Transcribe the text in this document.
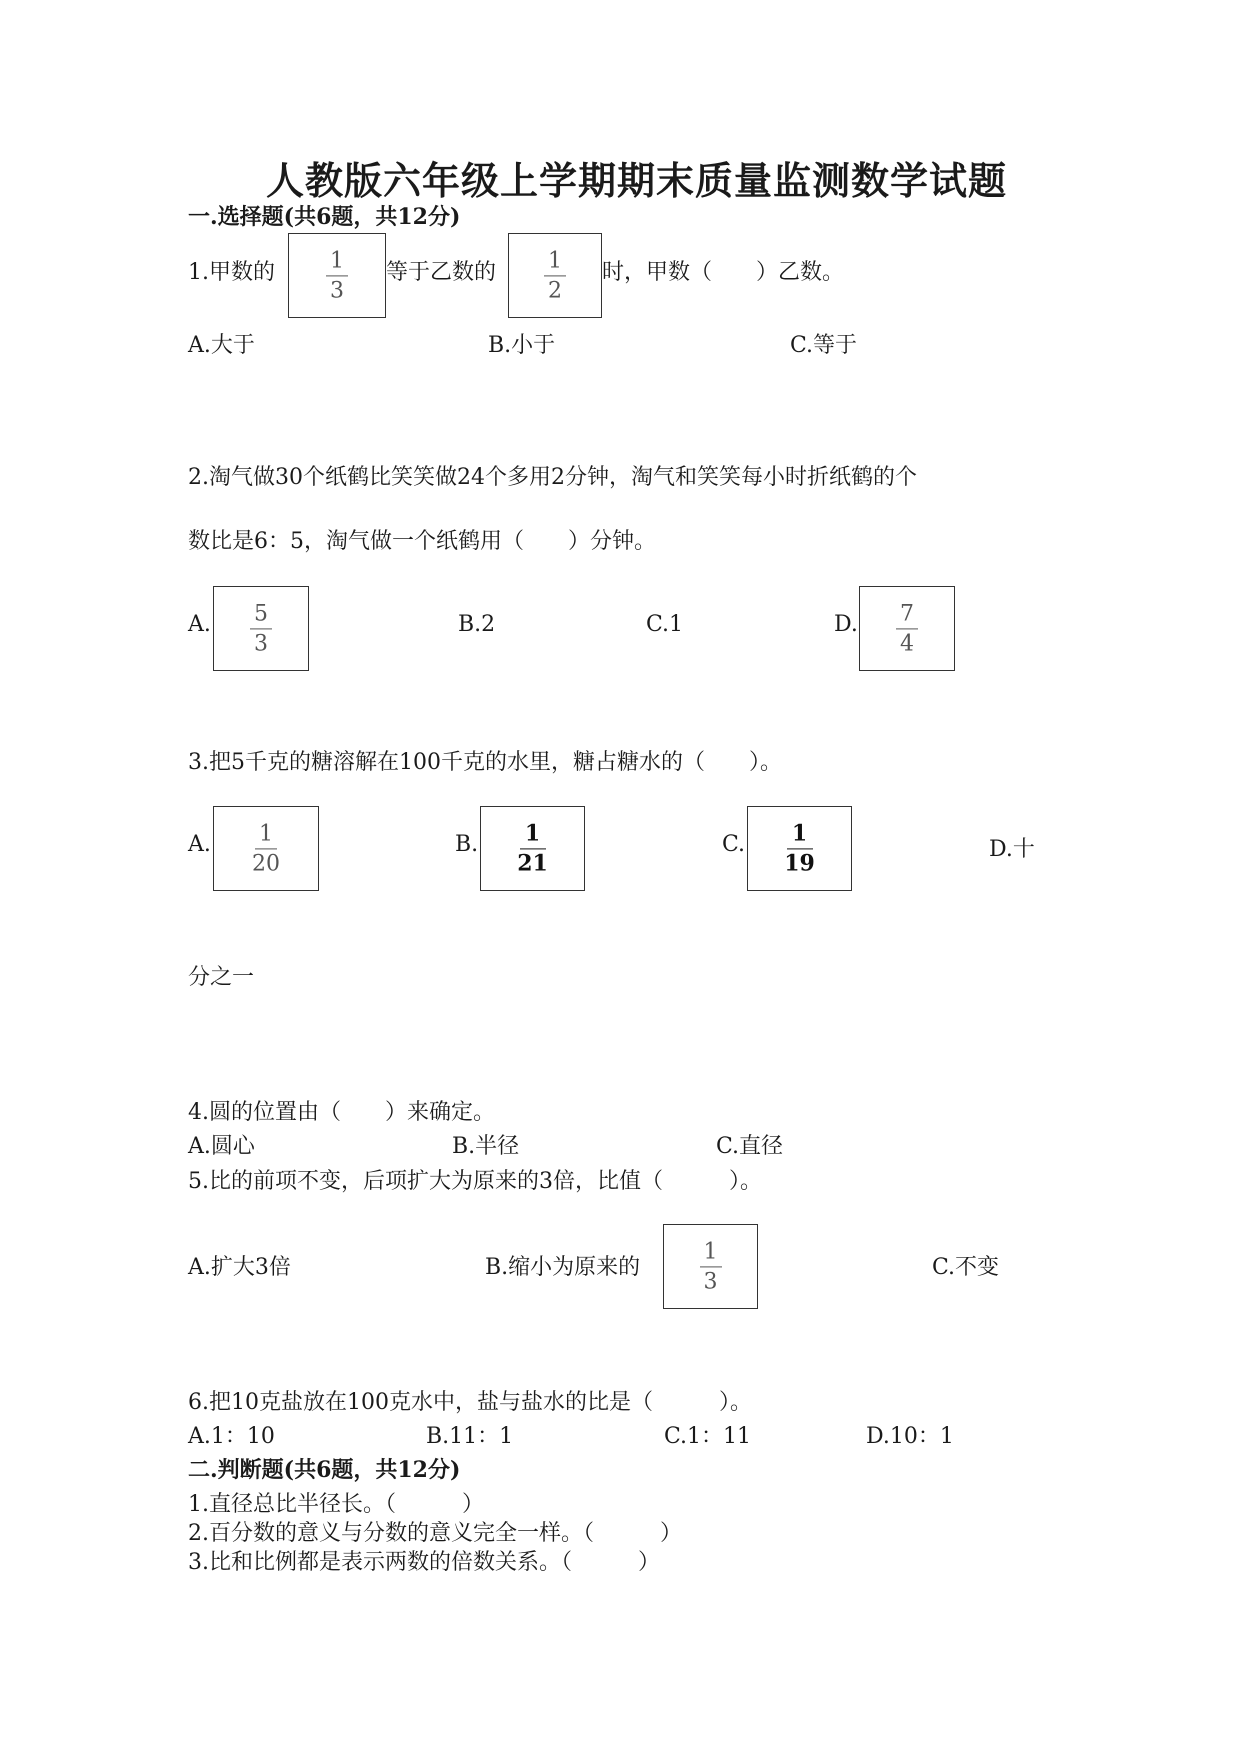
人教版六年级上学期期末质量监测数学试题
一.选择题(共6题，共12分)
1.甲数的	1
3
等于乙数的	1
2
时，甲数（　　）乙数。
A.大于	B.小于	C.等于
2.淘气做30个纸鹤比笑笑做24个多用2分钟，淘气和笑笑每小时折纸鹤的个
数比是6：5，淘气做一个纸鹤用（　　）分钟。
A.	5
3
B.2	C.1	D.	7
4
3.把5千克的糖溶解在100千克的水里，糖占糖水的（　　）。
A.	1
20
B.	1
21
C.	1
19
D.十
分之一
4.圆的位置由（　　）来确定。
A.圆心	B.半径	C.直径
5.比的前项不变，后项扩大为原来的3倍，比值（　　　）。
A.扩大3倍	B.缩小为原来的
1
3
C.不变
6.把10克盐放在100克水中，盐与盐水的比是（　　　）。
A.1：10	B.11：1	C.1：11	D.10：1
二.判断题(共6题，共12分)
1.直径总比半径长。（　　　）
2.百分数的意义与分数的意义完全一样。（　　　）
3.比和比例都是表示两数的倍数关系。（　　　）
